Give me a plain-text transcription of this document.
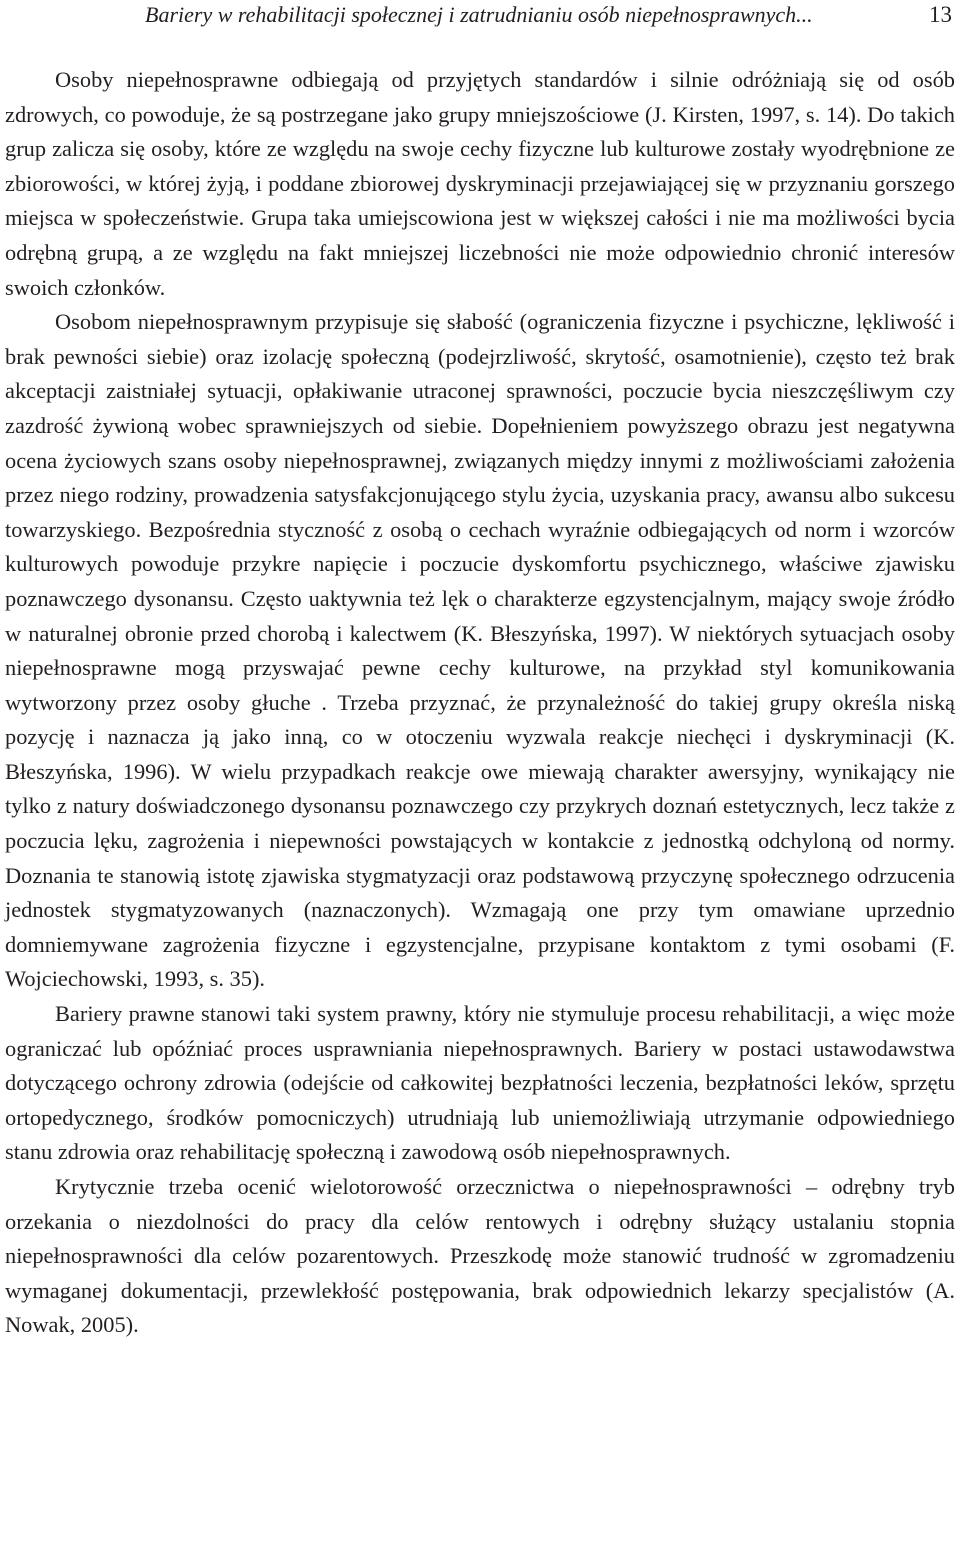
Bariery w rehabilitacji społecznej i zatrudnianiu osób niepełnosprawnych...	13

Osoby niepełnosprawne odbiegają od przyjętych standardów i silnie odróżniają się od osób zdrowych, co powoduje, że są postrzegane jako grupy mniejszościowe (J. Kirsten, 1997, s. 14). Do takich grup zalicza się osoby, które ze względu na swoje cechy fizyczne lub kulturowe zostały wyodrębnione ze zbiorowości, w której żyją, i poddane zbiorowej dyskryminacji przejawiającej się w przyznaniu gorszego miejsca w społeczeństwie. Grupa taka umiejscowiona jest w większej całości i nie ma możliwości bycia odrębną grupą, a ze względu na fakt mniejszej liczebności nie może odpowiednio chronić interesów swoich członków.

Osobom niepełnosprawnym przypisuje się słabość (ograniczenia fizyczne i psychiczne, lękliwość i brak pewności siebie) oraz izolację społeczną (podejrzliwość, skrytość, osamotnienie), często też brak akceptacji zaistniałej sytuacji, opłakiwanie utraconej sprawności, poczucie bycia nieszczęśliwym czy zazdrość żywioną wobec sprawniejszych od siebie. Dopełnieniem powyższego obrazu jest negatywna ocena życiowych szans osoby niepełnosprawnej, związanych między innymi z możliwościami założenia przez niego rodziny, prowadzenia satysfakcjonującego stylu życia, uzyskania pracy, awansu albo sukcesu towarzyskiego. Bezpośrednia styczność z osobą o cechach wyraźnie odbiegających od norm i wzorców kulturowych powoduje przykre napięcie i poczucie dyskomfortu psychicznego, właściwe zjawisku poznawczego dysonansu. Często uaktywnia też lęk o charakterze egzystencjalnym, mający swoje źródło w naturalnej obronie przed chorobą i kalectwem (K. Błeszyńska, 1997). W niektórych sytuacjach osoby niepełnosprawne mogą przyswajać pewne cechy kulturowe, na przykład styl komunikowania wytworzony przez osoby głuche . Trzeba przyznać, że przynależność do takiej grupy określa niską pozycję i naznacza ją jako inną, co w otoczeniu wyzwala reakcje niechęci i dyskryminacji (K. Błeszyńska, 1996). W wielu przypadkach reakcje owe miewają charakter awersyjny, wynikający nie tylko z natury doświadczonego dysonansu poznawczego czy przykrych doznań estetycznych, lecz także z poczucia lęku, zagrożenia i niepewności powstających w kontakcie z jednostką odchyloną od normy. Doznania te stanowią istotę zjawiska stygmatyzacji oraz podstawową przyczynę społecznego odrzucenia jednostek stygmatyzowanych (naznaczonych). Wzmagają one przy tym omawiane uprzednio domniemywane zagrożenia fizyczne i egzystencjalne, przypisane kontaktom z tymi osobami (F. Wojciechowski, 1993, s. 35).

Bariery prawne stanowi taki system prawny, który nie stymuluje procesu rehabilitacji, a więc może ograniczać lub opóźniać proces usprawniania niepełnosprawnych. Bariery w postaci ustawodawstwa dotyczącego ochrony zdrowia (odejście od całkowitej bezpłatności leczenia, bezpłatności leków, sprzętu ortopedycznego, środków pomocniczych) utrudniają lub uniemożliwiają utrzymanie odpowiedniego stanu zdrowia oraz rehabilitację społeczną i zawodową osób niepełnosprawnych.

Krytycznie trzeba ocenić wielotorowość orzecznictwa o niepełnosprawności – odrębny tryb orzekania o niezdolności do pracy dla celów rentowych i odrębny służący ustalaniu stopnia niepełnosprawności dla celów pozarentowych. Przeszkodę może stanowić trudność w zgromadzeniu wymaganej dokumentacji, przewlekłość postępowania, brak odpowiednich lekarzy specjalistów (A. Nowak, 2005).
